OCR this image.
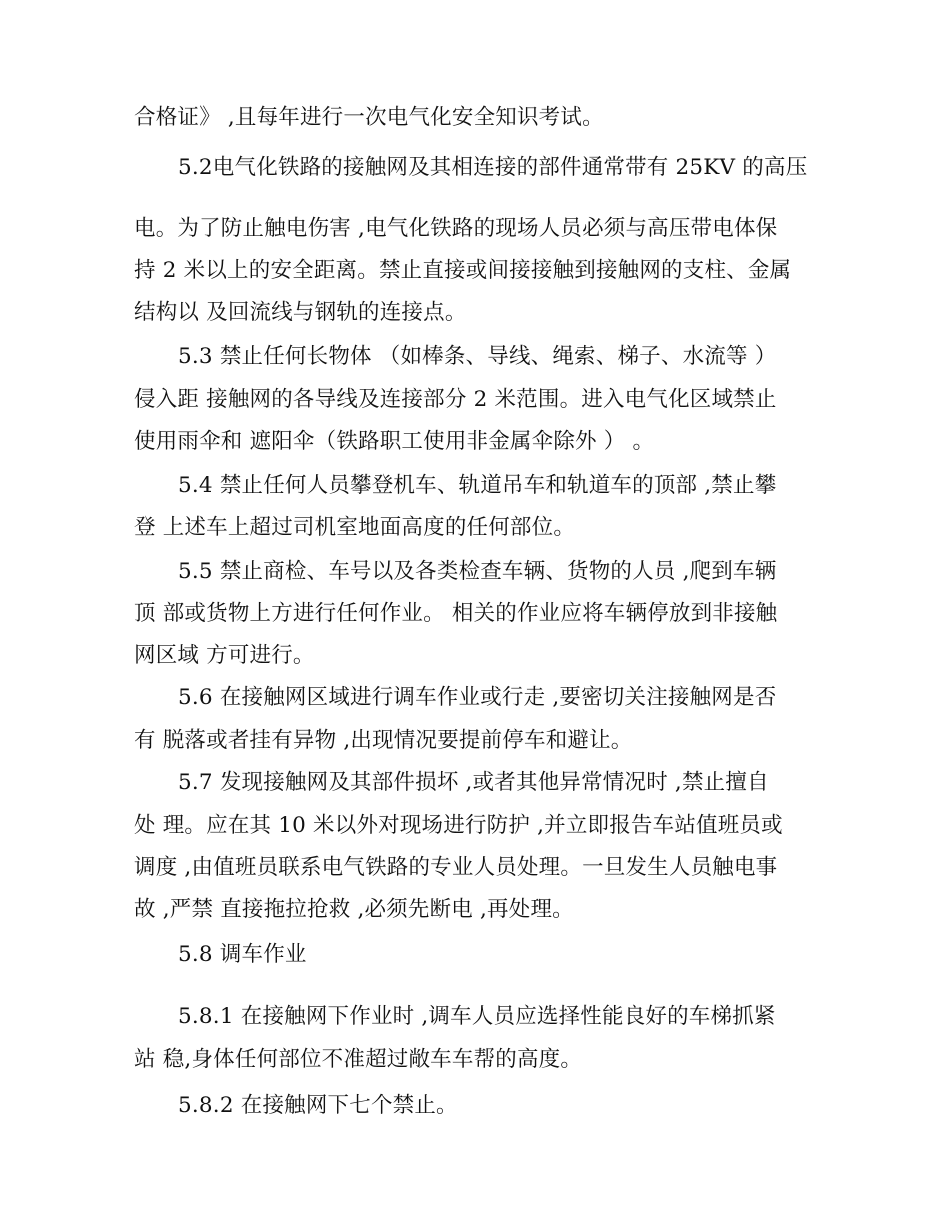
合格证》 ,且每年进行一次电气化安全知识考试。
5.2电气化铁路的接触网及其相连接的部件通常带有 25KV 的高压
电。为了防止触电伤害 ,电气化铁路的现场人员必须与高压带电体保
持 2 米以上的安全距离。禁止直接或间接接触到接触网的支柱、金属
结构以 及回流线与钢轨的连接点。
5.3 禁止任何长物体 （如棒条、导线、绳索、梯子、水流等 ）
侵入距 接触网的各导线及连接部分 2 米范围。进入电气化区域禁止
使用雨伞和 遮阳伞（铁路职工使用非金属伞除外 ） 。
5.4 禁止任何人员攀登机车、轨道吊车和轨道车的顶部 ,禁止攀
登 上述车上超过司机室地面高度的任何部位。
5.5 禁止商检、车号以及各类检查车辆、货物的人员 ,爬到车辆
顶 部或货物上方进行任何作业。 相关的作业应将车辆停放到非接触
网区域 方可进行。
5.6 在接触网区域进行调车作业或行走 ,要密切关注接触网是否
有 脱落或者挂有异物 ,出现情况要提前停车和避让。
5.7 发现接触网及其部件损坏 ,或者其他异常情况时 ,禁止擅自
处 理。应在其 10 米以外对现场进行防护 ,并立即报告车站值班员或
调度 ,由值班员联系电气铁路的专业人员处理。一旦发生人员触电事
故 ,严禁 直接拖拉抢救 ,必须先断电 ,再处理。
5.8 调车作业
5.8.1 在接触网下作业时 ,调车人员应选择性能良好的车梯抓紧
站 稳,身体任何部位不准超过敞车车帮的高度。
5.8.2 在接触网下七个禁止。
